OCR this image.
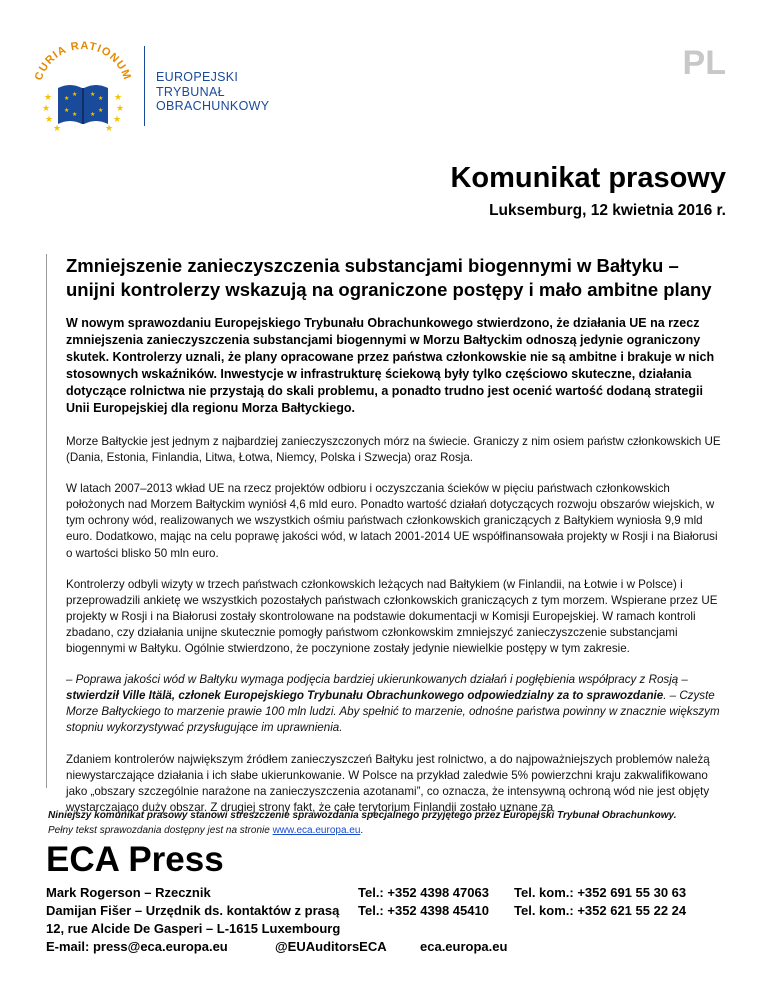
CURIA RATIONUM
★
★
★
★
★
★
★
★
★
★
★
★
★
★
★
★
EUROPEJSKI
TRYBUNAŁ
OBRACHUNKOWY
PL
Komunikat prasowy
Luksemburg, 12 kwietnia 2016 r.

Zmniejszenie zanieczyszczenia substancjami biogennymi w Bałtyku – unijni kontrolerzy wskazują na ograniczone postępy i mało ambitne plany

W nowym sprawozdaniu Europejskiego Trybunału Obrachunkowego stwierdzono, że działania UE na rzecz zmniejszenia zanieczyszczenia substancjami biogennymi w Morzu Bałtyckim odnoszą jedynie ograniczony skutek. Kontrolerzy uznali, że plany opracowane przez państwa członkowskie nie są ambitne i brakuje w nich stosownych wskaźników. Inwestycje w infrastrukturę ściekową były tylko częściowo skuteczne, działania dotyczące rolnictwa nie przystają do skali problemu, a ponadto trudno jest ocenić wartość dodaną strategii Unii Europejskiej dla regionu Morza Bałtyckiego.

Morze Bałtyckie jest jednym z najbardziej zanieczyszczonych mórz na świecie. Graniczy z nim osiem państw członkowskich UE (Dania, Estonia, Finlandia, Litwa, Łotwa, Niemcy, Polska i Szwecja) oraz Rosja.

W latach 2007–2013 wkład UE na rzecz projektów odbioru i oczyszczania ścieków w pięciu państwach członkowskich położonych nad Morzem Bałtyckim wyniósł 4,6 mld euro. Ponadto wartość działań dotyczących rozwoju obszarów wiejskich, w tym ochrony wód, realizowanych we wszystkich ośmiu państwach członkowskich graniczących z Bałtykiem wyniosła 9,9 mld euro. Dodatkowo, mając na celu poprawę jakości wód, w latach 2001-2014 UE współfinansowała projekty w Rosji i na Białorusi o wartości blisko 50 mln euro.

Kontrolerzy odbyli wizyty w trzech państwach członkowskich leżących nad Bałtykiem (w Finlandii, na Łotwie i w Polsce) i przeprowadzili ankietę we wszystkich pozostałych państwach członkowskich graniczących z tym morzem. Wspierane przez UE projekty w Rosji i na Białorusi zostały skontrolowane na podstawie dokumentacji w Komisji Europejskiej. W ramach kontroli zbadano, czy działania unijne skutecznie pomogły państwom członkowskim zmniejszyć zanieczyszczenie substancjami biogennymi w Bałtyku. Ogólnie stwierdzono, że poczynione zostały jedynie niewielkie postępy w tym zakresie.

– Poprawa jakości wód w Bałtyku wymaga podjęcia bardziej ukierunkowanych działań i pogłębienia współpracy z Rosją – stwierdził Ville Itälä, członek Europejskiego Trybunału Obrachunkowego odpowiedzialny za to sprawozdanie. – Czyste Morze Bałtyckiego to marzenie prawie 100 mln ludzi. Aby spełnić to marzenie, odnośne państwa powinny w znacznie większym stopniu wykorzystywać przysługujące im uprawnienia.

Zdaniem kontrolerów największym źródłem zanieczyszczeń Bałtyku jest rolnictwo, a do najpoważniejszych problemów należą niewystarczające działania i ich słabe ukierunkowanie. W Polsce na przykład zaledwie 5% powierzchni kraju zakwalifikowano jako „obszary szczególnie narażone na zanieczyszczenia azotanami”, co oznacza, że intensywną ochroną wód nie jest objęty wystarczająco duży obszar. Z drugiej strony fakt, że całe terytorium Finlandii zostało uznane za

Niniejszy komunikat prasowy stanowi streszczenie sprawozdania specjalnego przyjętego przez Europejski Trybunał Obrachunkowy.
Pełny tekst sprawozdania dostępny jest na stronie www.eca.europa.eu.
ECA Press
Mark Rogerson – Rzecznik	Tel.: +352 4398 47063 Tel. kom.: +352 691 55 30 63
Damijan Fišer – Urzędnik ds. kontaktów z prasą Tel.: +352 4398 45410 Tel. kom.: +352 621 55 22 24
12, rue Alcide De Gasperi – L-1615 Luxembourg
E-mail: press@eca.europa.eu	@EUAuditorsECA	eca.europa.eu
